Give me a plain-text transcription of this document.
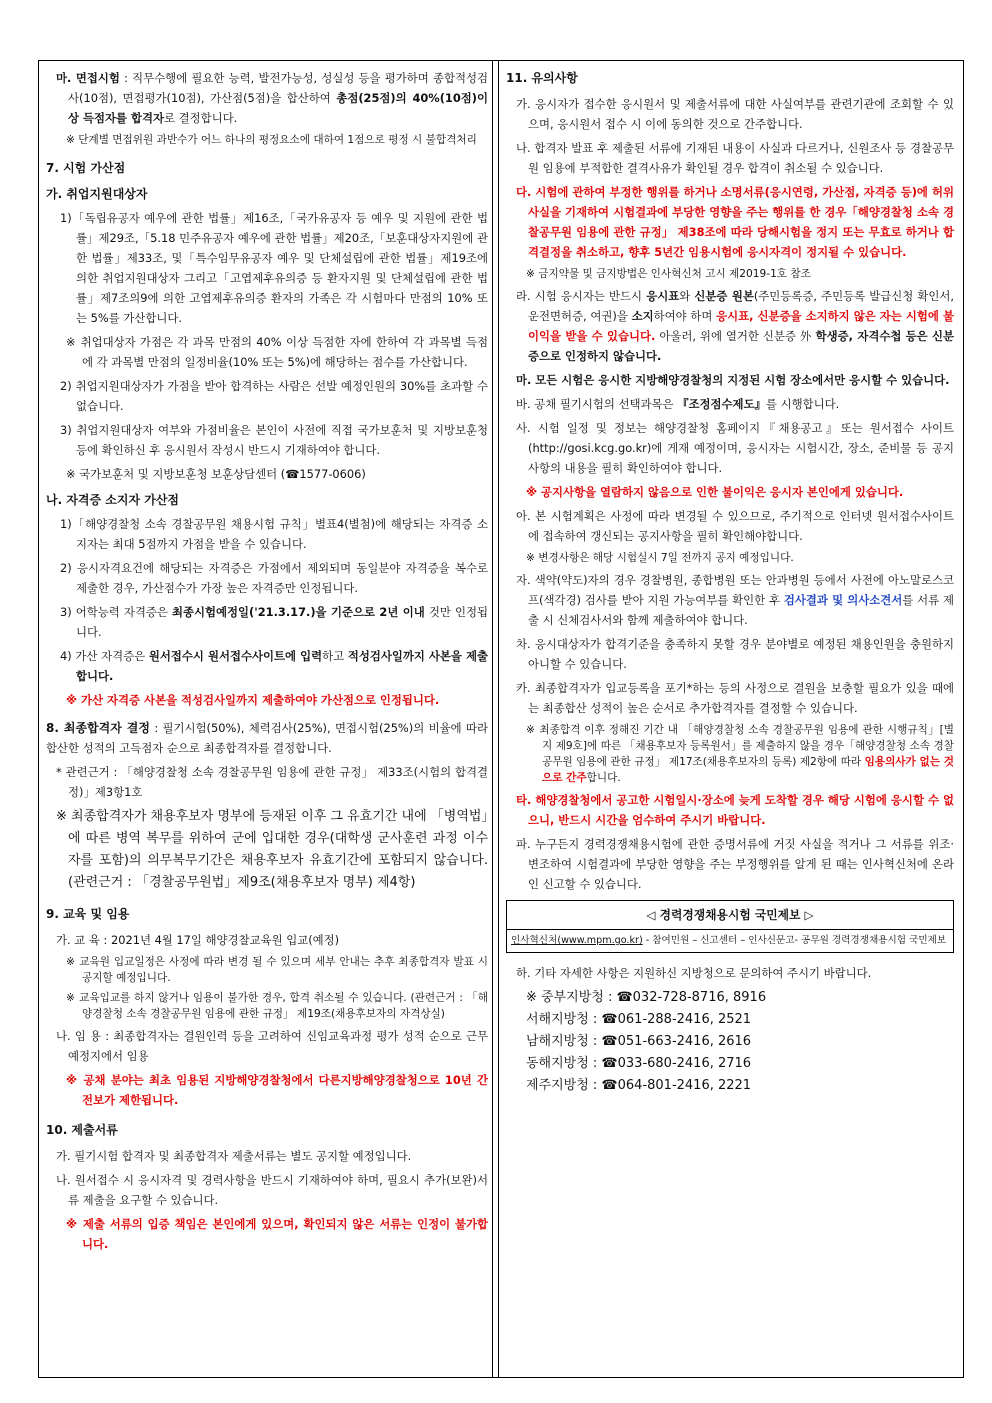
마. 면접시험 : 직무수행에 필요한 능력, 발전가능성, 성실성 등을 평가하며 종합적성검사(10점), 면접평가(10점), 가산점(5점)을 합산하여 총점(25점)의 40%(10점)이상 득점자를 합격자로 결정합니다.

※ 단계별 면접위원 과반수가 어느 하나의 평정요소에 대하여 1점으로 평정 시 불합격처리

7. 시험 가산점
가. 취업지원대상자

1)「독립유공자 예우에 관한 법률」제16조,「국가유공자 등 예우 및 지원에 관한 법률」제29조,「5.18 민주유공자 예우에 관한 법률」제20조,「보훈대상자지원에 관한 법률」제33조, 및「특수임무유공자 예우 및 단체설립에 관한 법률」제19조에 의한 취업지원대상자 그리고「고엽제후유의증 등 환자지원 및 단체설립에 관한 법률」제7조의9에 의한 고엽제후유의증 환자의 가족은 각 시험마다 만점의 10% 또는 5%를 가산합니다.

※ 취업대상자 가점은 각 과목 만점의 40% 이상 득점한 자에 한하여 각 과목별 득점에 각 과목별 만점의 일정비율(10% 또는 5%)에 해당하는 점수를 가산합니다.

2) 취업지원대상자가 가점을 받아 합격하는 사람은 선발 예정인원의 30%를 초과할 수 없습니다.

3) 취업지원대상자 여부와 가점비율은 본인이 사전에 직접 국가보훈처 및 지방보훈청 등에 확인하신 후 응시원서 작성시 반드시 기재하여야 합니다.

※ 국가보훈처 및 지방보훈청 보훈상담센터 (☎1577-0606)

나. 자격증 소지자 가산점

1)「해양경찰청 소속 경찰공무원 채용시험 규칙」별표4(별첨)에 해당되는 자격증 소지자는 최대 5점까지 가점을 받을 수 있습니다.

2) 응시자격요건에 해당되는 자격증은 가점에서 제외되며 동일분야 자격증을 복수로 제출한 경우, 가산점수가 가장 높은 자격증만 인정됩니다.

3) 어학능력 자격증은 최종시험예정일('21.3.17.)을 기준으로 2년 이내 것만 인정됩니다.

4) 가산 자격증은 원서접수시 원서접수사이트에 입력하고 적성검사일까지 사본을 제출 합니다.

※ 가산 자격증 사본을 적성검사일까지 제출하여야 가산점으로 인정됩니다.

8. 최종합격자 결정 : 필기시험(50%), 체력검사(25%), 면접시험(25%)의 비율에 따라 합산한 성적의 고득점자 순으로 최종합격자를 결정합니다.

* 관련근거 : 「해양경찰청 소속 경찰공무원 임용에 관한 규정」 제33조(시험의 합격결정)」제3항1호

※ 최종합격자가 채용후보자 명부에 등재된 이후 그 유효기간 내에 「병역법」에 따른 병역 복무를 위하여 군에 입대한 경우(대학생 군사훈련 과정 이수자를 포함)의 의무복무기간은 채용후보자 유효기간에 포함되지 않습니다. (관련근거 : 「경찰공무원법」제9조(채용후보자 명부) 제4항)

9. 교육 및 임용

가. 교 육 : 2021년 4월 17일 해양경찰교육원 입교(예정)

※ 교육원 입교일정은 사정에 따라 변경 될 수 있으며 세부 안내는 추후 최종합격자 발표 시 공지할 예정입니다.

※ 교육입교를 하지 않거나 임용이 불가한 경우, 합격 취소될 수 있습니다. (관련근거 : 「해양경찰청 소속 경찰공무원 임용에 관한 규정」 제19조(채용후보자의 자격상실)

나. 임 용 : 최종합격자는 결원인력 등을 고려하여 신임교육과정 평가 성적 순으로 근무예정지에서 임용

※ 공채 분야는 최초 임용된 지방해양경찰청에서 다른지방해양경찰청으로 10년 간 전보가 제한됩니다.

10. 제출서류

가. 필기시험 합격자 및 최종합격자 제출서류는 별도 공지할 예정입니다.

나. 원서접수 시 응시자격 및 경력사항을 반드시 기재하여야 하며, 필요시 추가(보완)서류 제출을 요구할 수 있습니다.

※ 제출 서류의 입증 책임은 본인에게 있으며, 확인되지 않은 서류는 인정이 불가합니다.

11. 유의사항

가. 응시자가 접수한 응시원서 및 제출서류에 대한 사실여부를 관련기관에 조회할 수 있으며, 응시원서 접수 시 이에 동의한 것으로 간주합니다.

나. 합격자 발표 후 제출된 서류에 기재된 내용이 사실과 다르거나, 신원조사 등 경찰공무원 임용에 부적합한 결격사유가 확인될 경우 합격이 취소될 수 있습니다.

다. 시험에 관하여 부정한 행위를 하거나 소명서류(응시연령, 가산점, 자격증 등)에 허위사실을 기재하여 시험결과에 부당한 영향을 주는 행위를 한 경우「해양경찰청 소속 경찰공무원 임용에 관한 규정」 제38조에 따라 당해시험을 정지 또는 무효로 하거나 합격결정을 취소하고, 향후 5년간 임용시험에 응시자격이 정지될 수 있습니다.

※ 금지약물 및 금지방법은 인사혁신처 고시 제2019-1호 참조

라. 시험 응시자는 반드시 응시표와 신분증 원본(주민등록증, 주민등록 발급신청 확인서, 운전면허증, 여권)을 소지하여야 하며 응시표, 신분증을 소지하지 않은 자는 시험에 불이익을 받을 수 있습니다. 아울러, 위에 열거한 신분증 外 학생증, 자격수첩 등은 신분증으로 인정하지 않습니다.

마. 모든 시험은 응시한 지방해양경찰청의 지정된 시험 장소에서만 응시할 수 있습니다.

바. 공채 필기시험의 선택과목은 『조정점수제도』를 시행합니다.

사. 시험 일정 및 정보는 해양경찰청 홈페이지『채용공고』또는 원서접수 사이트(http://gosi.kcg.go.kr)에 게재 예정이며, 응시자는 시험시간, 장소, 준비물 등 공지사항의 내용을 필히 확인하여야 합니다.

※ 공지사항을 열람하지 않음으로 인한 불이익은 응시자 본인에게 있습니다.

아. 본 시험계획은 사정에 따라 변경될 수 있으므로, 주기적으로 인터넷 원서접수사이트에 접속하여 갱신되는 공지사항을 필히 확인해야합니다.

※ 변경사항은 해당 시험실시 7일 전까지 공지 예정입니다.

자. 색약(약도)자의 경우 경찰병원, 종합병원 또는 안과병원 등에서 사전에 아노말로스코프(색각경) 검사를 받아 지원 가능여부를 확인한 후 검사결과 및 의사소견서를 서류 제출 시 신체검사서와 함께 제출하여야 합니다.

차. 응시대상자가 합격기준을 충족하지 못할 경우 분야별로 예정된 채용인원을 충원하지 아니할 수 있습니다.

카. 최종합격자가 입교등록을 포기*하는 등의 사정으로 결원을 보충할 필요가 있을 때에는 최종합산 성적이 높은 순서로 추가합격자를 결정할 수 있습니다.

※ 최종합격 이후 정해진 기간 내 「해양경찰청 소속 경찰공무원 임용에 관한 시행규칙」[별지 제9호]에 따른 「채용후보자 등록원서」를 제출하지 않을 경우「해양경찰청 소속 경찰공무원 임용에 관한 규정」 제17조(채용후보자의 등록) 제2항에 따라 임용의사가 없는 것으로 간주합니다.

타. 해양경찰청에서 공고한 시험일시·장소에 늦게 도착할 경우 해당 시험에 응시할 수 없으니, 반드시 시간을 엄수하여 주시기 바랍니다.

파. 누구든지 경력경쟁채용시험에 관한 증명서류에 거짓 사실을 적거나 그 서류를 위조·변조하여 시험결과에 부당한 영향을 주는 부정행위를 알게 된 때는 인사혁신처에 온라인 신고할 수 있습니다.

◁ 경력경쟁채용시험 국민제보 ▷
인사혁신처(www.mpm.go.kr) - 참여민원 – 신고센터 – 인사신문고- 공무원 경력경쟁채용시험 국민제보

하. 기타 자세한 사항은 지원하신 지방청으로 문의하여 주시기 바랍니다.

※ 중부지방청 : ☎032-728-8716, 8916
서해지방청 : ☎061-288-2416, 2521
남해지방청 : ☎051-663-2416, 2616
동해지방청 : ☎033-680-2416, 2716
제주지방청 : ☎064-801-2416, 2221
